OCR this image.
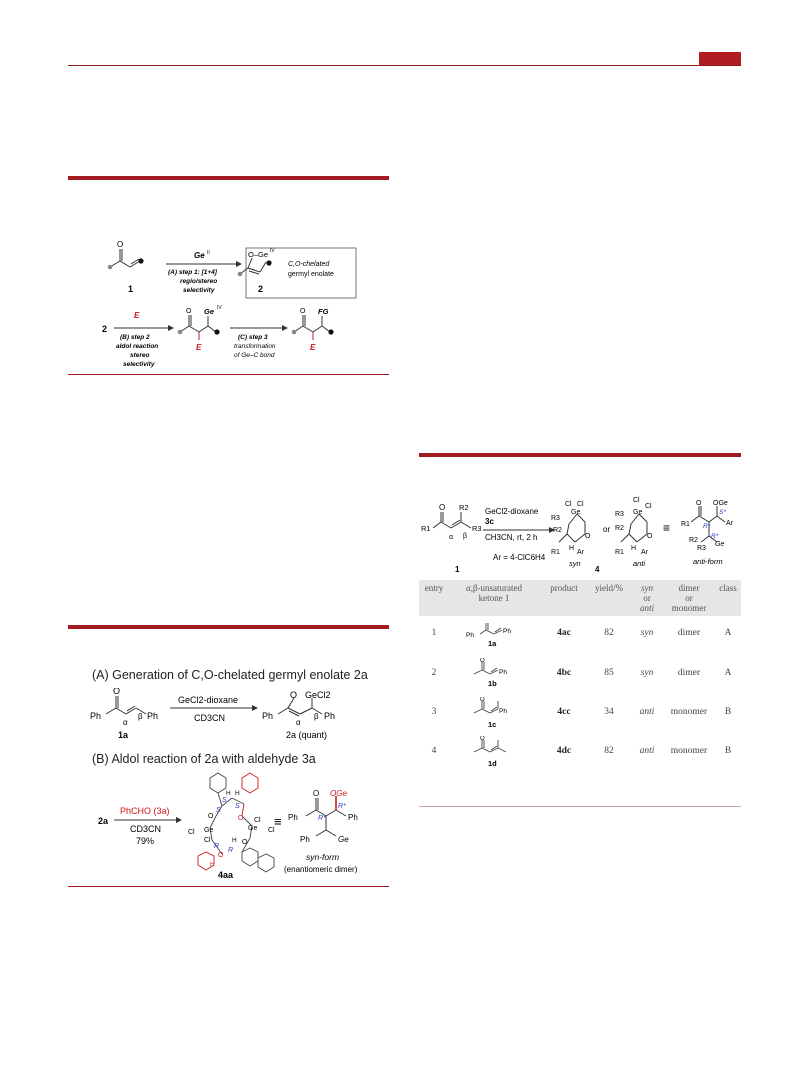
O
1
Ge II
(A) step 1: [1+4]
regio/stereo
selectivity
O–Ge IV
2
C,O-chelated
germyl enolate
2
E
(B) step 2
aldol reaction
stereo
selectivity
O Ge IV
E
(C) step 3
transformation
of Ge–C bond
O FG
E
(A) Generation of C,O-chelated germyl enolate 2a
O
Ph
α
β Ph
1a
GeCl2-dioxane
CD3CN
O GeCl2
Ph
α
β Ph
2a (quant)
(B) Aldol reaction of 2a with aldehyde 3a
2a
PhCHO (3a)
CD3CN
79%
H H
S
S
S
O	O
Ge	Ge
Cl
Cl
Cl
Cl
R
R
O
H
H O
4aa
≡
O
Ph
OGe
R*
R*	Ph
Ph	Ge
syn-form
(enantiomeric dimer)
O
R1
R2
R3
α β
1
GeCl2-dioxane
3c
CH3CN, rt, 2 h
Ar = 4-ClC6H4
Ge
Cl Cl
R3
R2
O
H
R1 Ar
syn
4
or
Ge
Cl
Cl
R3
R2
O
H
R1 Ar
anti
≡
O
R1
OGe
R*
S*
Ar
R2
R*
R3
Ge
anti-form
entry	α,β-unsaturated
ketone 1
product	yield/%	syn
or
anti
dimer
or
monomer
class
1	Ph
Ph
1a
4ac	82	syn	dimer	A
2
O
Ph
1b
4bc	85	syn	dimer	A
3
O
Ph
1c
4cc	34	anti	monomer	B
4
O
1d
4dc	82	anti	monomer	B
